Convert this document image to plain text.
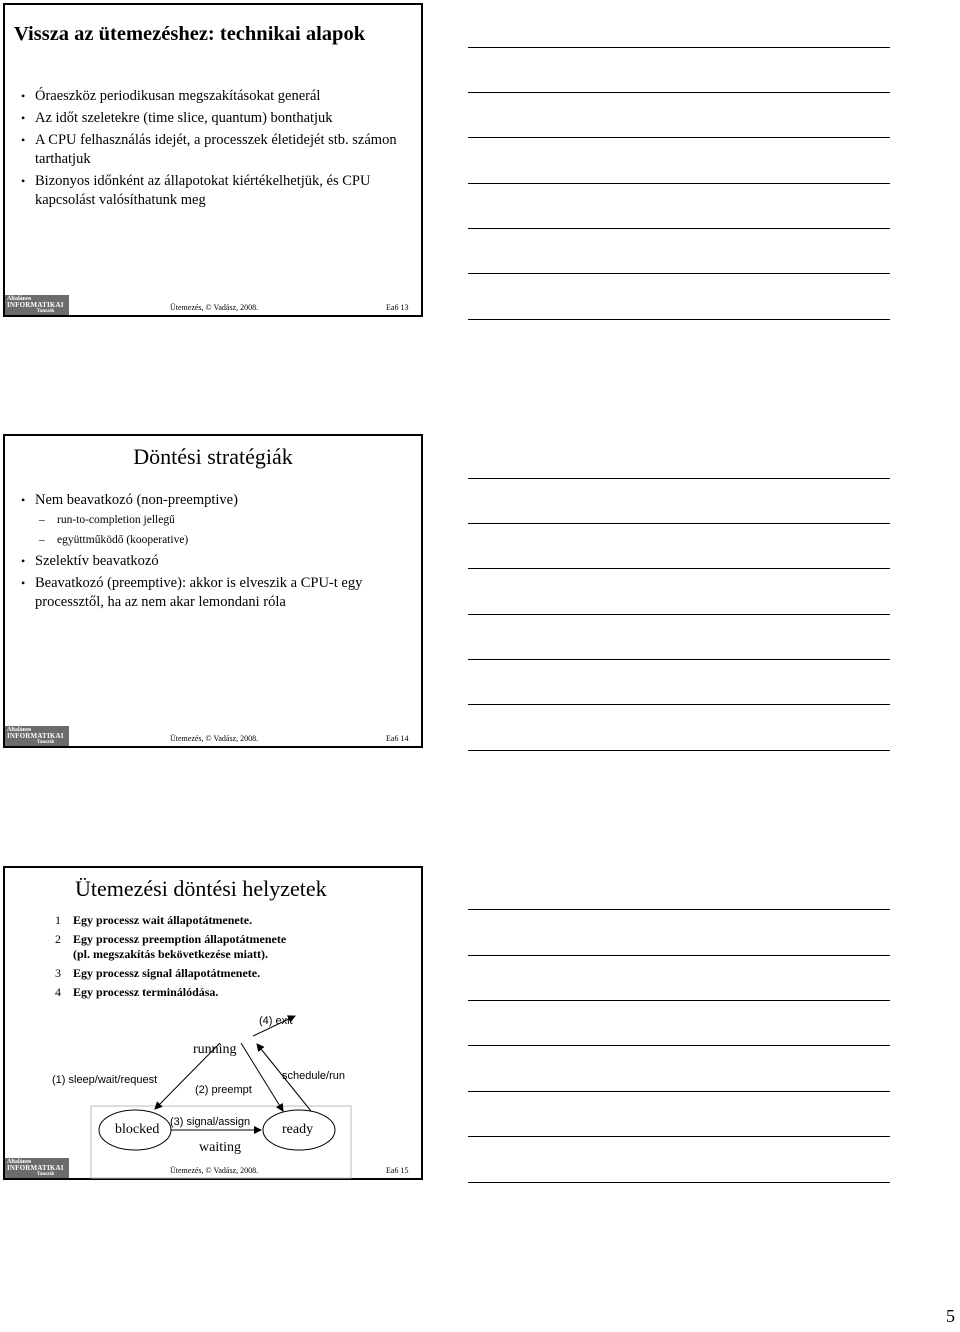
Vissza az ütemezéshez: technikai alapok
• Óraeszköz periodikusan megszakításokat generál
• Az időt szeletekre (time slice, quantum) bonthatjuk
• A CPU felhasználás idejét, a processzek életidejét stb. számon tarthatjuk
• Bizonyos időnként az állapotokat kiértékelhetjük, és CPU kapcsolást valósíthatunk meg
Általános
INFORMATIKAI
Tanszék	Ütemezés, © Vadász, 2008.	Ea6 13
Döntési stratégiák
• Nem beavatkozó (non-preemptive)
– run-to-completion jellegű
– együttműködő (kooperative)
• Szelektív beavatkozó
• Beavatkozó (preemptive): akkor is elveszik a CPU-t egy processztől, ha az nem akar lemondani róla
Általános
INFORMATIKAI
Tanszék	Ütemezés, © Vadász, 2008.	Ea6 14
Ütemezési döntési helyzetek
1 Egy processz wait állapotátmenete.
2 Egy processz preemption állapotátmenete (pl. megszakítás bekövetkezése miatt).
3 Egy processz signal állapotátmenete.
4 Egy processz terminálódása.
(4) exit
running
(1) sleep/wait/request
(2) preempt
schedule/run
blocked (3) signal/assign ready
waiting
Általános
INFORMATIKAI
Tanszék	Ütemezés, © Vadász, 2008.	Ea6 15
5
